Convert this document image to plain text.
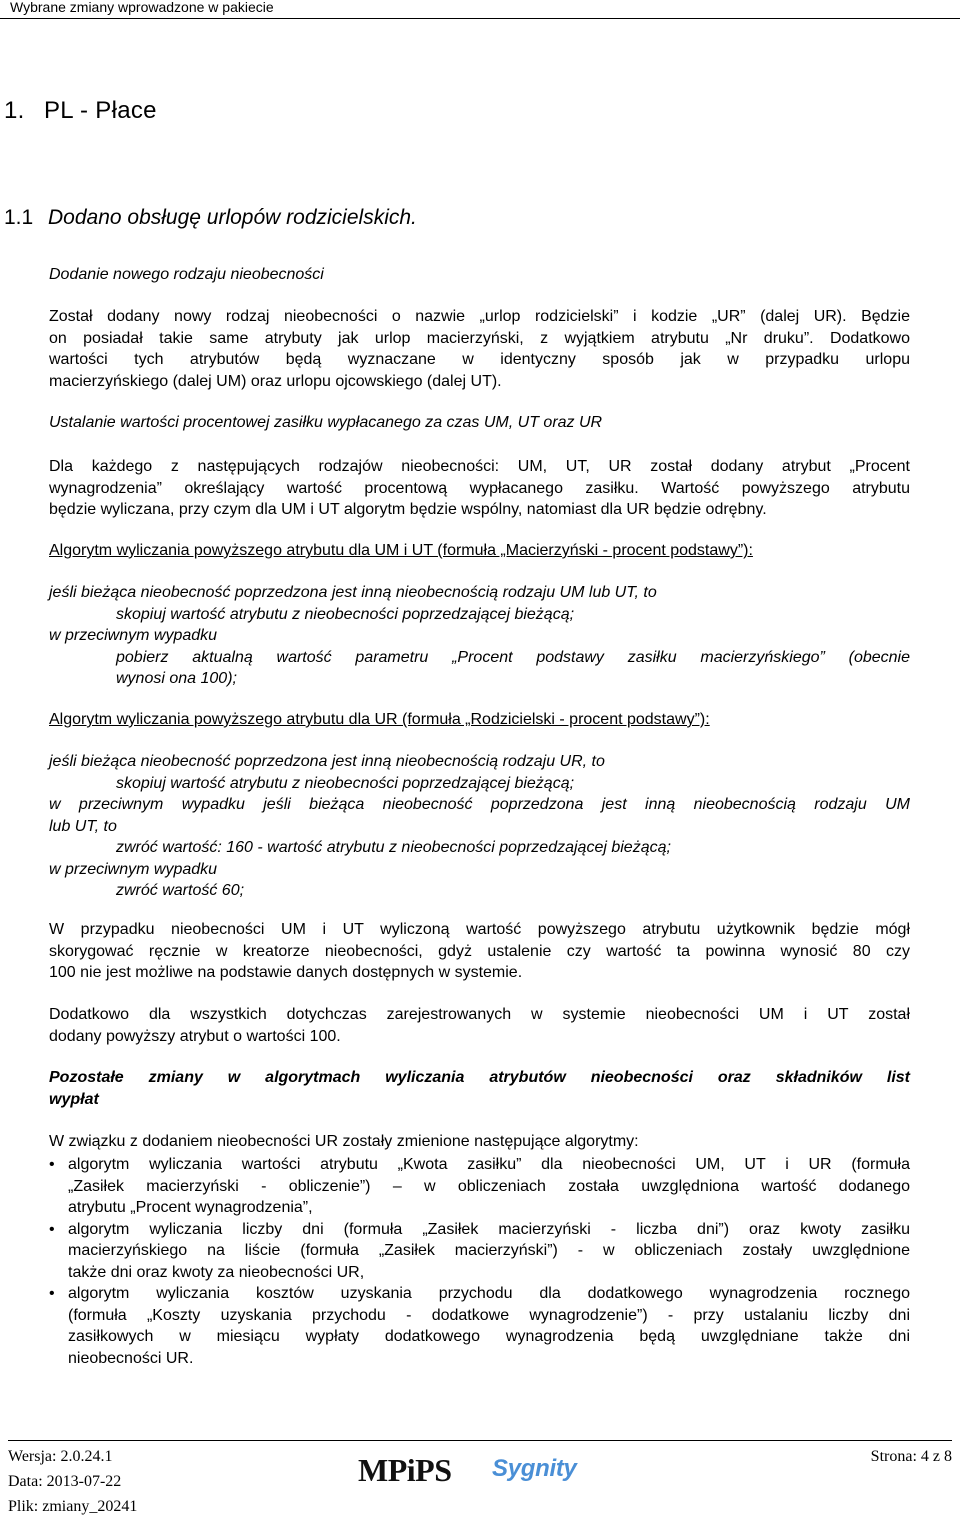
Wybrane zmiany wprowadzone w pakiecie
1. PL - Płace
1.1 Dodano obsługę urlopów rodzicielskich.
Dodanie nowego rodzaju nieobecności

Został dodany nowy rodzaj nieobecności o nazwie „urlop rodzicielski” i kodzie „UR” (dalej UR). Będzie

on posiadał takie same atrybuty jak urlop macierzyński, z wyjątkiem atrybutu „Nr druku”. Dodatkowo

wartości tych atrybutów będą wyznaczane w identyczny sposób jak w przypadku urlopu

macierzyńskiego (dalej UM) oraz urlopu ojcowskiego (dalej UT).

Ustalanie wartości procentowej zasiłku wypłacanego za czas UM, UT oraz UR

Dla każdego z następujących rodzajów nieobecności: UM, UT, UR został dodany atrybut „Procent

wynagrodzenia” określający wartość procentową wypłacanego zasiłku. Wartość powyższego atrybutu

będzie wyliczana, przy czym dla UM i UT algorytm będzie wspólny, natomiast dla UR będzie odrębny.

Algorytm wyliczania powyższego atrybutu dla UM i UT (formuła „Macierzyński - procent podstawy”):

jeśli bieżąca nieobecność poprzedzona jest inną nieobecnością rodzaju UM lub UT, to

skopiuj wartość atrybutu z nieobecności poprzedzającej bieżącą;

w przeciwnym wypadku

pobierz aktualną wartość parametru „Procent podstawy zasiłku macierzyńskiego” (obecnie

wynosi ona 100);

Algorytm wyliczania powyższego atrybutu dla UR (formuła „Rodzicielski - procent podstawy”):

jeśli bieżąca nieobecność poprzedzona jest inną nieobecnością rodzaju UR, to

skopiuj wartość atrybutu z nieobecności poprzedzającej bieżącą;

w przeciwnym wypadku jeśli bieżąca nieobecność poprzedzona jest inną nieobecnością rodzaju UM

lub UT, to

zwróć wartość: 160 - wartość atrybutu z nieobecności poprzedzającej bieżącą;

w przeciwnym wypadku

zwróć wartość 60;

W przypadku nieobecności UM i UT wyliczoną wartość powyższego atrybutu użytkownik będzie mógł

skorygować ręcznie w kreatorze nieobecności, gdyż ustalenie czy wartość ta powinna wynosić 80 czy

100 nie jest możliwe na podstawie danych dostępnych w systemie.

Dodatkowo dla wszystkich dotychczas zarejestrowanych w systemie nieobecności UM i UT został

dodany powyższy atrybut o wartości 100.

Pozostałe zmiany w algorytmach wyliczania atrybutów nieobecności oraz składników list

wypłat

W związku z dodaniem nieobecności UR zostały zmienione następujące algorytmy:

• algorytm wyliczania wartości atrybutu „Kwota zasiłku” dla nieobecności UM, UT i UR (formuła

„Zasiłek macierzyński - obliczenie”) – w obliczeniach została uwzględniona wartość dodanego

atrybutu „Procent wynagrodzenia”,

• algorytm wyliczania liczby dni (formuła „Zasiłek macierzyński - liczba dni”) oraz kwoty zasiłku

macierzyńskiego na liście (formuła „Zasiłek macierzyński”) - w obliczeniach zostały uwzględnione

także dni oraz kwoty za nieobecności UR,

• algorytm wyliczania kosztów uzyskania przychodu dla dodatkowego wynagrodzenia rocznego

(formuła „Koszty uzyskania przychodu - dodatkowe wynagrodzenie”) - przy ustalaniu liczby dni

zasiłkowych w miesiącu wypłaty dodatkowego wynagrodzenia będą uwzględniane także dni

nieobecności UR.

Wersja: 2.0.24.1
Data: 2013-07-22
Plik: zmiany_20241
MPiPS Sygnity	Strona: 4 z 8
